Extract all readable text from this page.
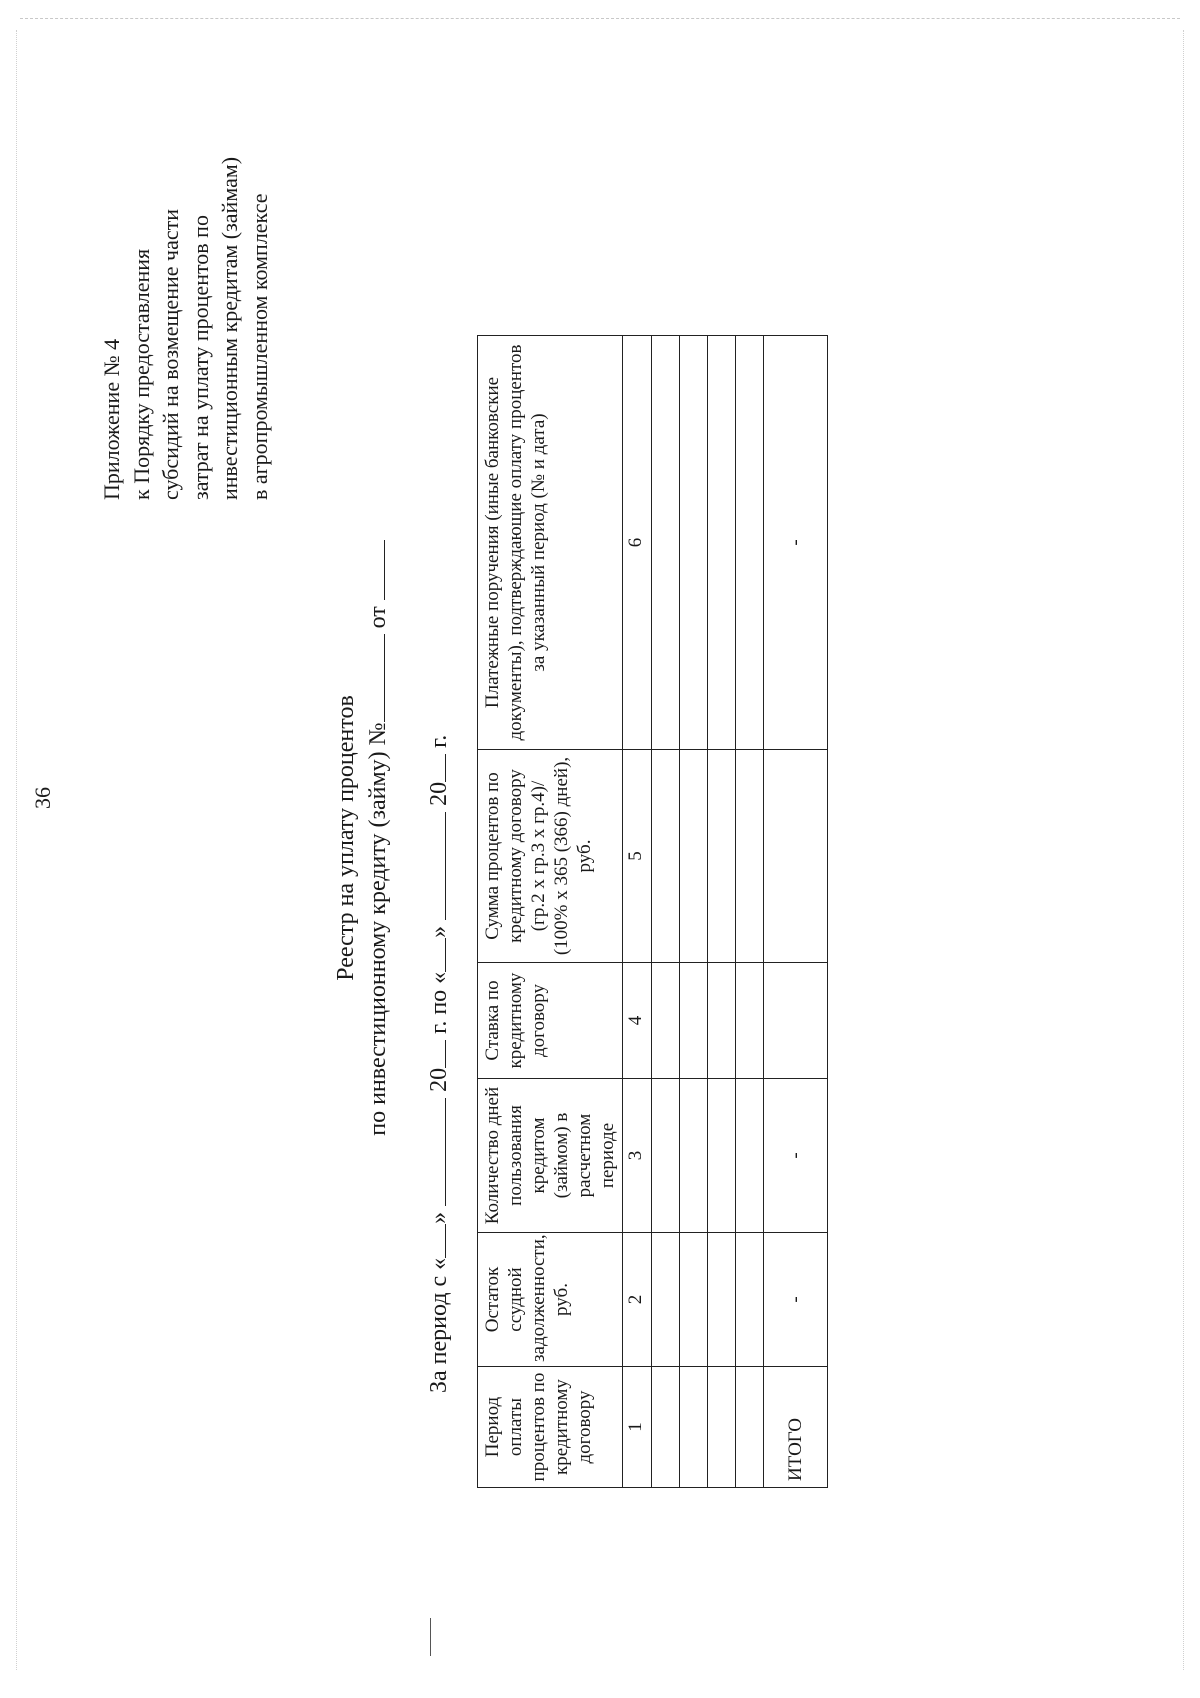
36
Приложение № 4 к Порядку предоставления субсидий на возмещение части затрат на уплату процентов по инвестиционным кредитам (займам) в агропромышленном комплексе
Реестр на уплату процентов по инвестиционному кредиту (займу) № от
За период с «»  20 г. по «»  20 г.
Период оплаты процентов по кредитному договору	Остаток ссудной задолженности, руб.	Количество дней пользования кредитом (займом) в расчетном периоде	Ставка по кредитному договору	Сумма процентов по кредитному договору (гр.2 х гр.3 х гр.4)/ (100% х 365 (366) дней), руб.	Платежные поручения (иные банковские документы), подтверждающие оплату процентов за указанный период (№ и дата)
1	2	3	4	5	6

ИТОГО	-	-			-
